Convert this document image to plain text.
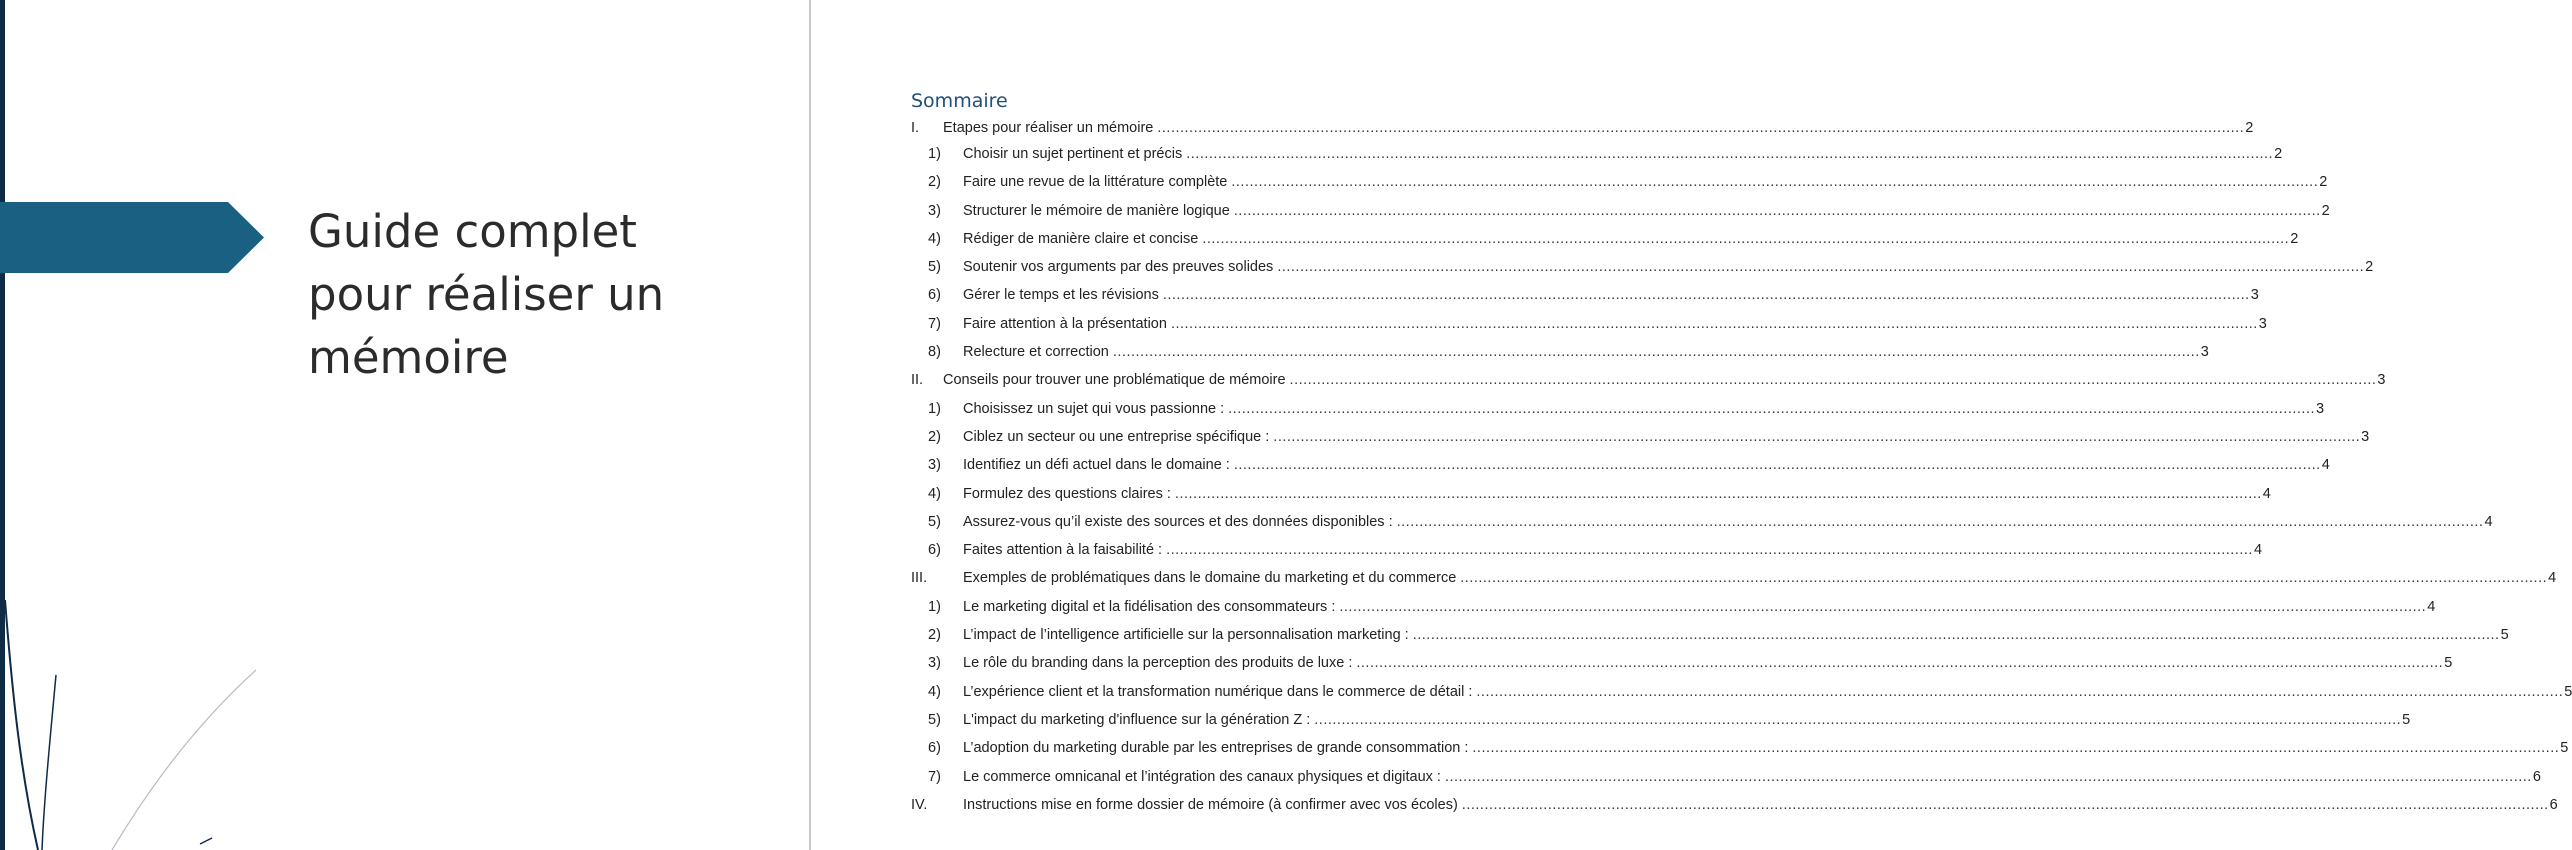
Guide complet
pour réaliser un
mémoire
Sommaire
I. Etapes pour réaliser un mémoire ................................................................................................................................................................................................................................................ 2
1) Choisir un sujet pertinent et précis ................................................................................................................................................................................................................................................ 2
2) Faire une revue de la littérature complète ................................................................................................................................................................................................................................................ 2
3) Structurer le mémoire de manière logique ................................................................................................................................................................................................................................................ 2
4) Rédiger de manière claire et concise ................................................................................................................................................................................................................................................ 2
5) Soutenir vos arguments par des preuves solides ................................................................................................................................................................................................................................................ 2
6) Gérer le temps et les révisions ................................................................................................................................................................................................................................................ 3
7) Faire attention à la présentation ................................................................................................................................................................................................................................................ 3
8) Relecture et correction ................................................................................................................................................................................................................................................ 3
II. Conseils pour trouver une problématique de mémoire ................................................................................................................................................................................................................................................ 3
1) Choisissez un sujet qui vous passionne : ................................................................................................................................................................................................................................................ 3
2) Ciblez un secteur ou une entreprise spécifique : ................................................................................................................................................................................................................................................ 3
3) Identifiez un défi actuel dans le domaine : ................................................................................................................................................................................................................................................ 4
4) Formulez des questions claires : ................................................................................................................................................................................................................................................ 4
5) Assurez-vous qu’il existe des sources et des données disponibles : ................................................................................................................................................................................................................................................ 4
6) Faites attention à la faisabilité : ................................................................................................................................................................................................................................................ 4
III. Exemples de problématiques dans le domaine du marketing et du commerce ................................................................................................................................................................................................................................................ 4
1) Le marketing digital et la fidélisation des consommateurs : ................................................................................................................................................................................................................................................ 4
2) L’impact de l’intelligence artificielle sur la personnalisation marketing : ................................................................................................................................................................................................................................................ 5
3) Le rôle du branding dans la perception des produits de luxe : ................................................................................................................................................................................................................................................ 5
4) L’expérience client et la transformation numérique dans le commerce de détail : ................................................................................................................................................................................................................................................ 5
5) L'impact du marketing d'influence sur la génération Z : ................................................................................................................................................................................................................................................ 5
6) L’adoption du marketing durable par les entreprises de grande consommation : ................................................................................................................................................................................................................................................ 5
7) Le commerce omnicanal et l’intégration des canaux physiques et digitaux : ................................................................................................................................................................................................................................................ 6
IV. Instructions mise en forme dossier de mémoire (à confirmer avec vos écoles) ................................................................................................................................................................................................................................................ 6
